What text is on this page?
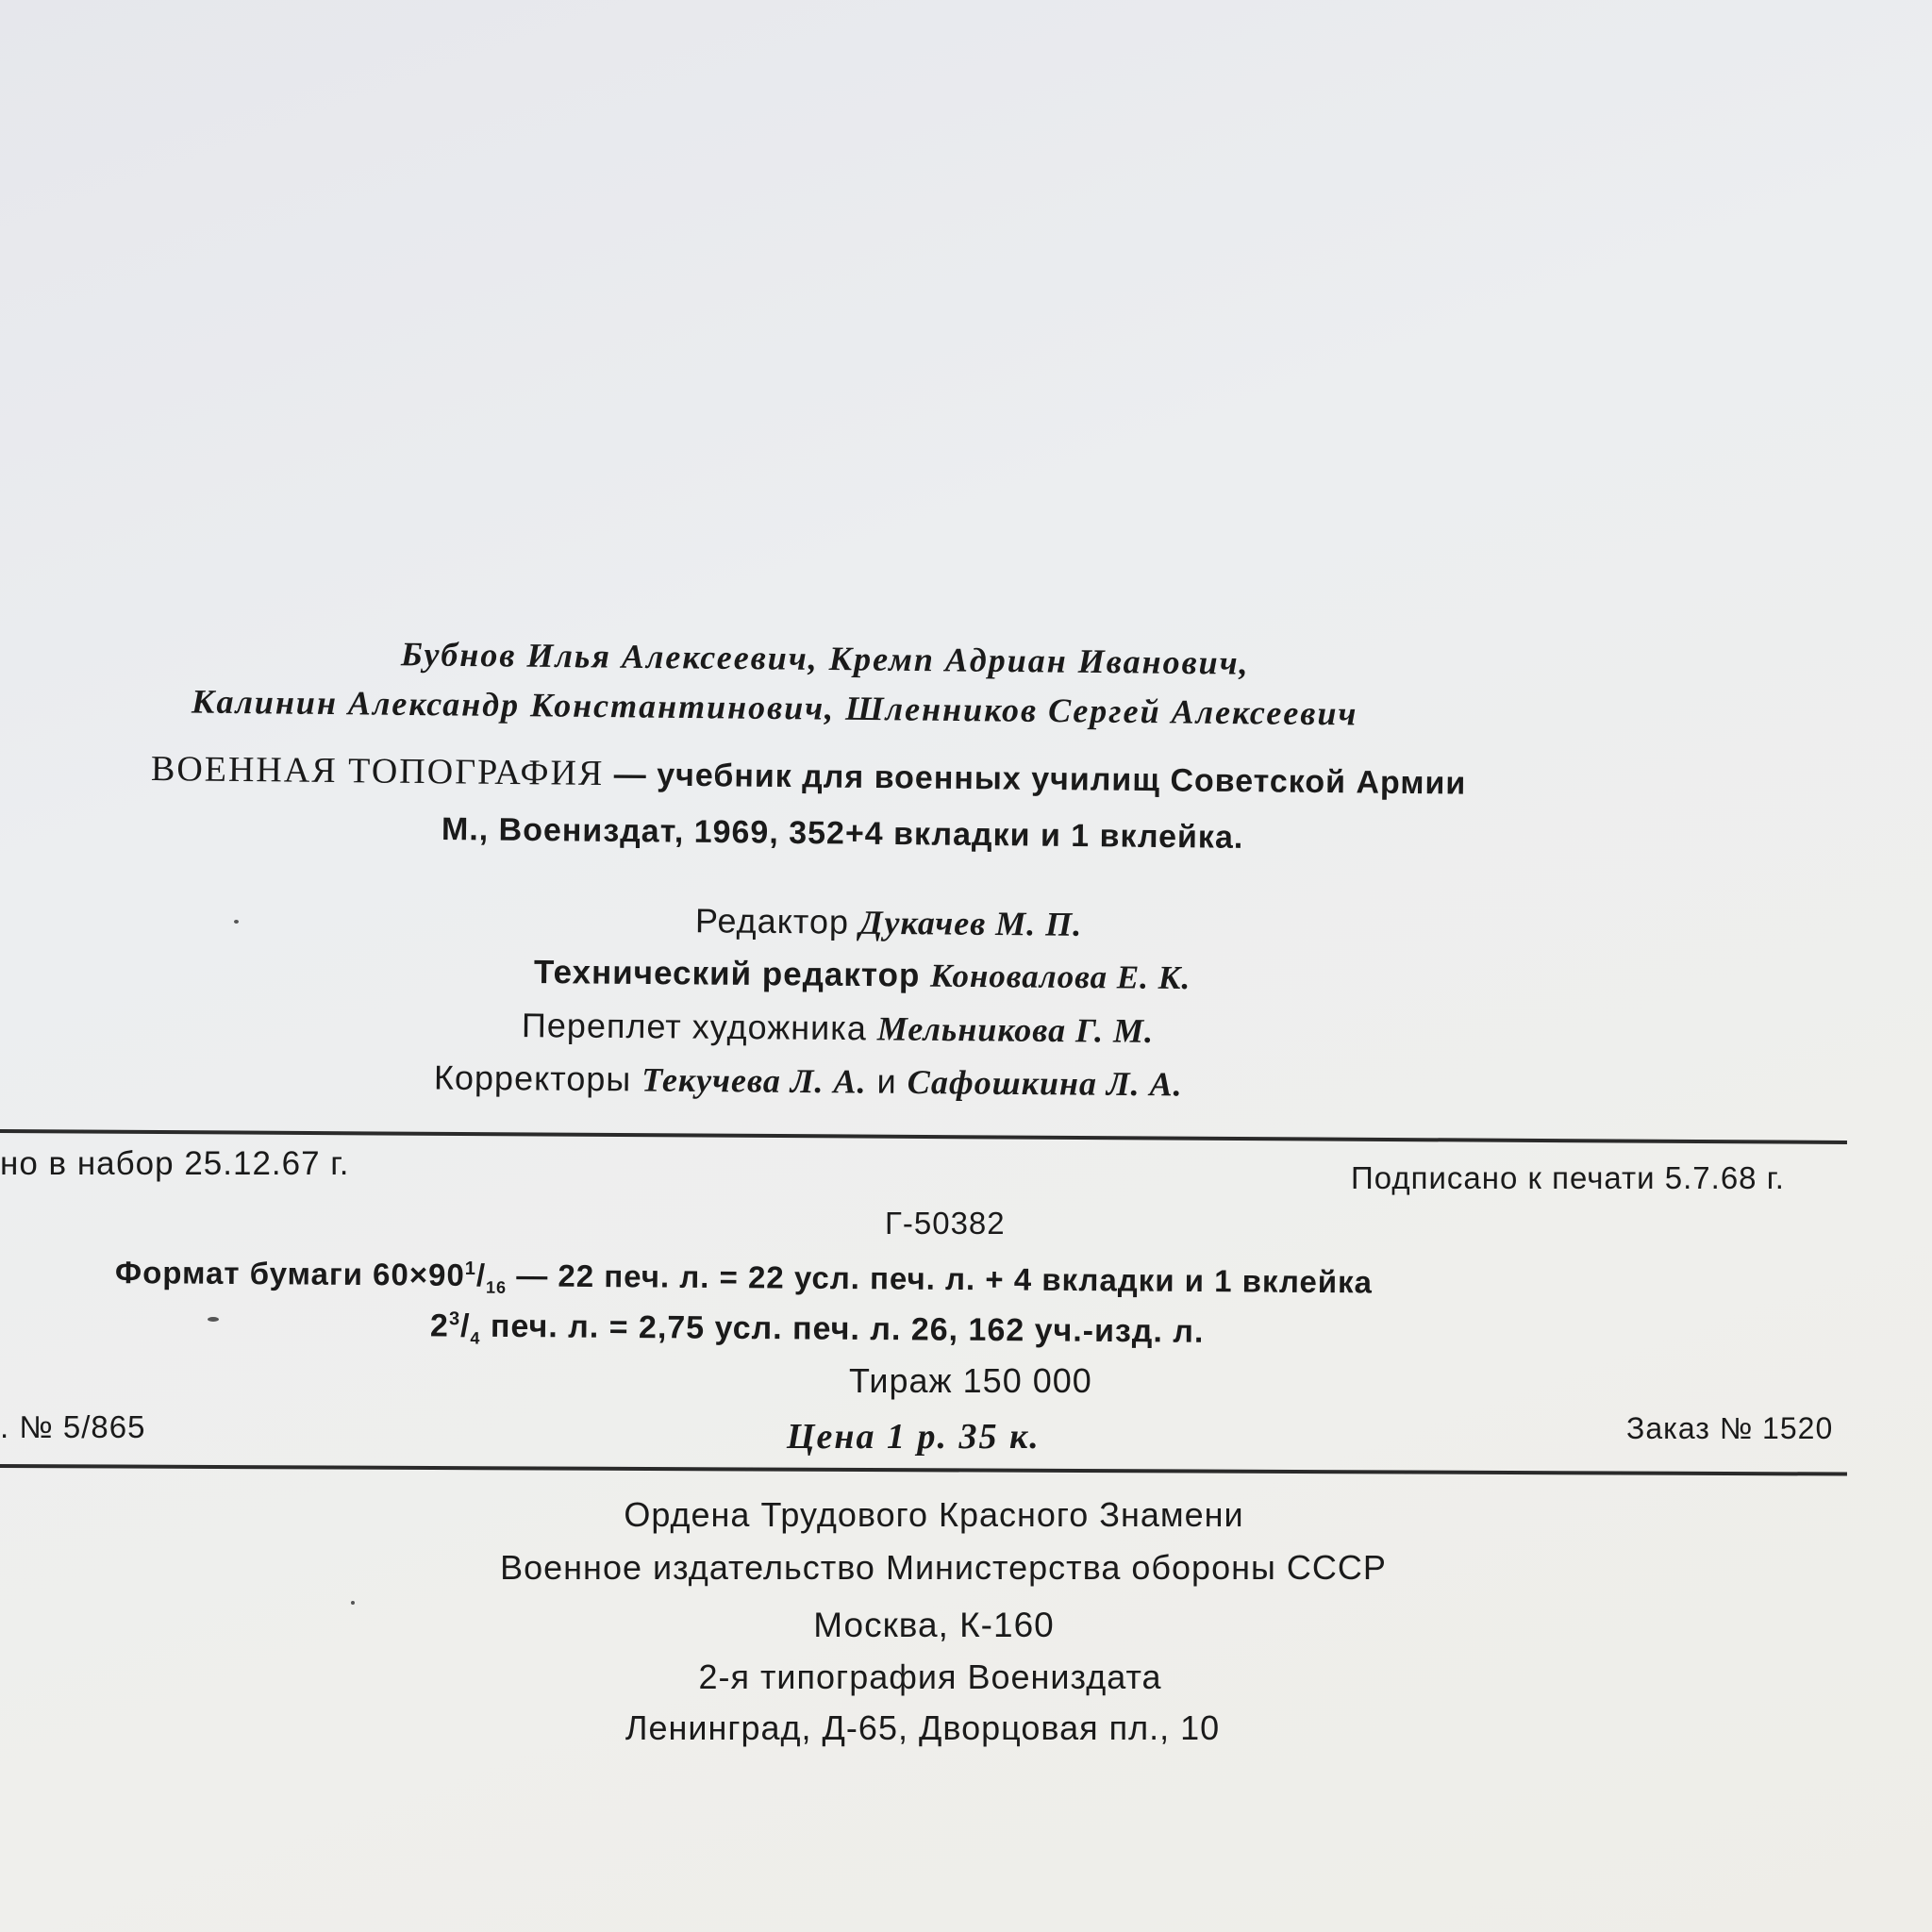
Бубнов Илья Алексеевич, Кремп Адриан Иванович,
Калинин Александр Константинович, Шленников Сергей Алексеевич
ВОЕННАЯ ТОПОГРАФИЯ — учебник для военных училищ Советской Армии
М., Воениздат, 1969, 352+4 вкладки и 1 вклейка.
Редактор Дукачев М. П.
Технический редактор Коновалова Е. К.
Переплет художника Мельникова Г. М.
Корректоры Текучева Л. А. и Сафошкина Л. А.
но в набор 25.12.67 г.	Подписано к печати 5.7.68 г.
Г-50382
Формат бумаги $60\times 90^1/_{16}$ — 22 печ. л. = 22 усл. печ. л. + 4 вкладки и 1 вклейка
$2^3/_4$ печ. л. = 2,75 усл. печ. л. 26, 162 уч.-изд. л.
Тираж 150 000
. № 5/865	Цена 1 р. 35 к.	Заказ № 1520
Ордена Трудового Красного Знамени
Военное издательство Министерства обороны СССР
Москва, К-160
2-я типография Воениздата
Ленинград, Д-65, Дворцовая пл., 10
